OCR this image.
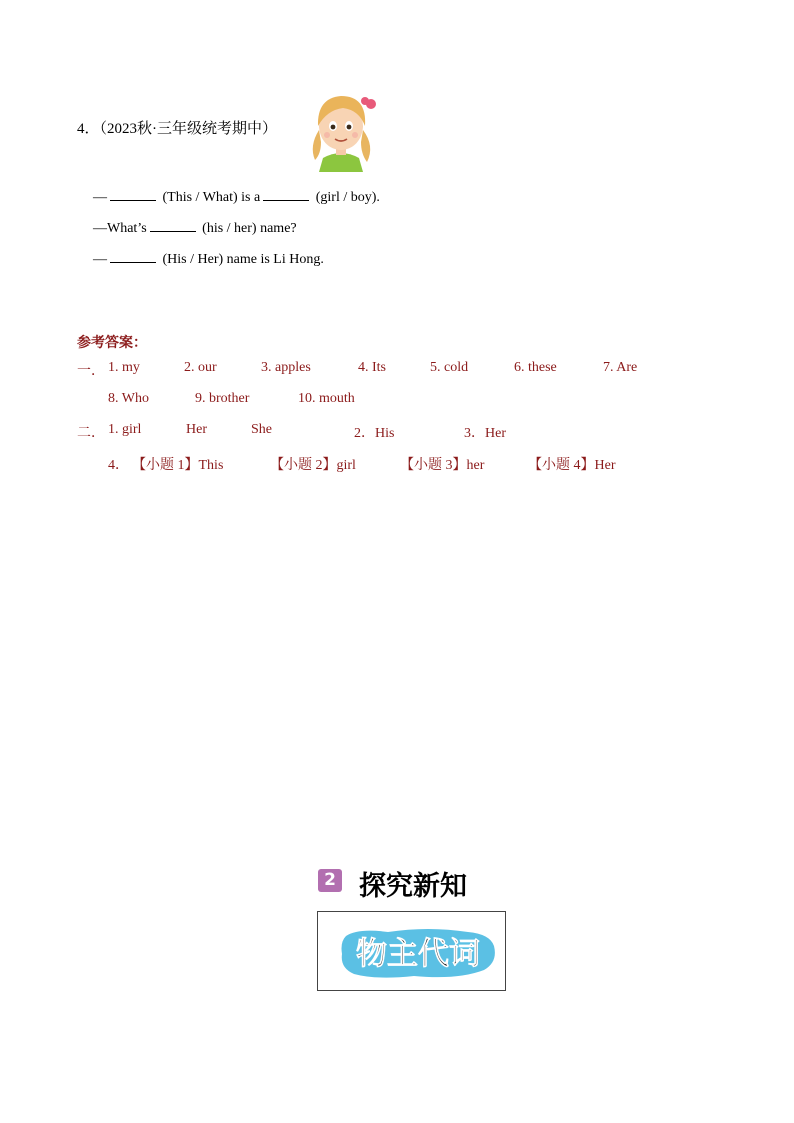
4．（2023秋·三年级统考期中）
—	(This / What) is a	(girl / boy).
—What’s	(his / her) name?
—	(His / Her) name is Li Hong.
参考答案：
一． 1. my	2. our	3. apples	4. Its	5. cold	6. these	7. Are
8. Who	9. brother	10. mouth
二． 1. girl	Her	She	2．His	3．Her
4． 【小题 1】This	【小题 2】girl	【小题 3】her	【小题 4】Her
2 探究新知
物主代词
